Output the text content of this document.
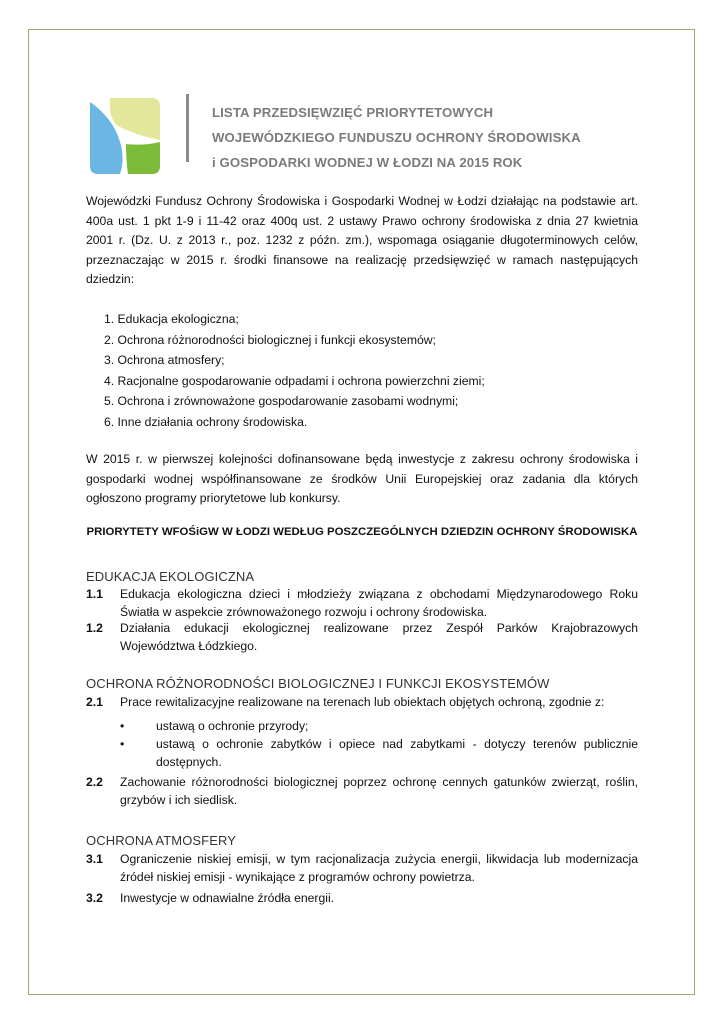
LISTA PRZEDSIĘWZIĘĆ PRIORYTETOWYCH
WOJEWÓDZKIEGO FUNDUSZU OCHRONY ŚRODOWISKA
i GOSPODARKI WODNEJ W ŁODZI NA 2015 ROK
Wojewódzki Fundusz Ochrony Środowiska i Gospodarki Wodnej w Łodzi działając na podstawie art. 400a ust. 1 pkt 1-9 i 11-42 oraz 400q ust. 2 ustawy Prawo ochrony środowiska z dnia 27 kwietnia 2001 r. (Dz. U. z 2013 r., poz. 1232 z późn. zm.), wspomaga osiąganie długoterminowych celów, przeznaczając w 2015 r. środki finansowe na realizację przedsięwzięć w ramach następujących dziedzin:
1. Edukacja ekologiczna;
2. Ochrona różnorodności biologicznej i funkcji ekosystemów;
3. Ochrona atmosfery;
4. Racjonalne gospodarowanie odpadami i ochrona powierzchni ziemi;
5. Ochrona i zrównoważone gospodarowanie zasobami wodnymi;
6. Inne działania ochrony środowiska.
W 2015 r. w pierwszej kolejności dofinansowane będą inwestycje z zakresu ochrony środowiska i gospodarki wodnej współfinansowane ze środków Unii Europejskiej oraz zadania dla których ogłoszono programy priorytetowe lub konkursy.
PRIORYTETY WFOŚiGW W ŁODZI WEDŁUG POSZCZEGÓLNYCH DZIEDZIN OCHRONY ŚRODOWISKA
EDUKACJA EKOLOGICZNA
1.1	Edukacja ekologiczna dzieci i młodzieży związana z obchodami Międzynarodowego Roku Światła w aspekcie zrównoważonego rozwoju i ochrony środowiska.
1.2	Działania edukacji ekologicznej realizowane przez Zespół Parków Krajobrazowych Województwa Łódzkiego.
OCHRONA RÓŻNORODNOŚCI BIOLOGICZNEJ I FUNKCJI EKOSYSTEMÓW
2.1	Prace rewitalizacyjne realizowane na terenach lub obiektach objętych ochroną, zgodnie z:
•	ustawą o ochronie przyrody;
•	ustawą o ochronie zabytków i opiece nad zabytkami - dotyczy terenów publicznie dostępnych.
2.2	Zachowanie różnorodności biologicznej poprzez ochronę cennych gatunków zwierząt, roślin, grzybów i ich siedlisk.
OCHRONA ATMOSFERY
3.1	Ograniczenie niskiej emisji, w tym racjonalizacja zużycia energii, likwidacja lub modernizacja źródeł niskiej emisji - wynikające z programów ochrony powietrza.
3.2	Inwestycje w odnawialne źródła energii.
